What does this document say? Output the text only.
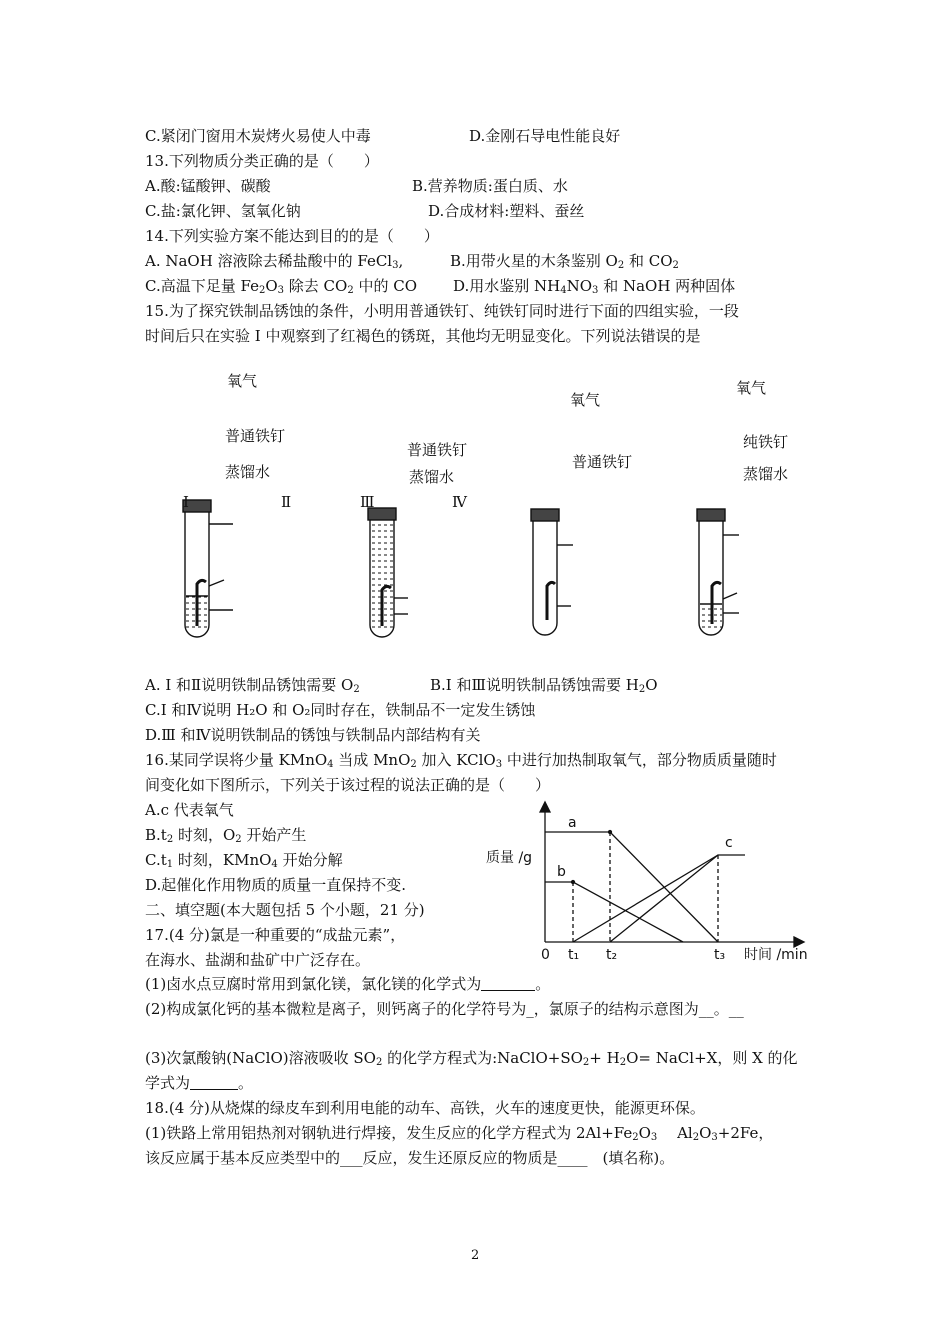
C.紧闭门窗用木炭烤火易使人中毒	D.金刚石导电性能良好
13.下列物质分类正确的是（　　）
A.酸:锰酸钾、碳酸	B.营养物质:蛋白质、水
C.盐:氯化钾、氢氧化钠	D.合成材料:塑料、蚕丝
14.下列实验方案不能达到目的的是（　　）
A. NaOH 溶液除去稀盐酸中的 FeCl$_3$,	B.用带火星的木条鉴别 $O_2$ 和 $CO_2$
C.高温下足量 $Fe_2O_3$ 除去 $CO_2$ 中的 CO D.用水鉴别 $NH_4NO_3$ 和 NaOH 两种固体
15.为了探究铁制品锈蚀的条件，小明用普通铁钉、纯铁钉同时进行下面的四组实验，一段
时间后只在实验 I 中观察到了红褐色的锈斑，其他均无明显变化。下列说法错误的是
氧气
普通铁钉
蒸馏水
普通铁钉
蒸馏水
氧气
普通铁钉
氧气
纯铁钉
蒸馏水
I	Ⅱ	Ⅲ	Ⅳ
A. I 和Ⅱ说明铁制品锈蚀需要 $O_2$	B.I 和Ⅲ说明铁制品锈蚀需要 $H_2O$
C.I 和Ⅳ说明 H₂O 和 O₂同时存在，铁制品不一定发生锈蚀
D.Ⅲ 和Ⅳ说明铁制品的锈蚀与铁制品内部结构有关
16.某同学误将少量 KMnO$_4$ 当成 MnO$_2$ 加入 KClO$_3$ 中进行加热制取氧气，部分物质质量随时
间变化如下图所示，下列关于该过程的说法正确的是（　　）
A.c 代表氧气
$B.t_2$ 时刻，$O_2$ 开始产生
$C.t_1$ 时刻，KMnO$_4$ 开始分解
D.起催化作用物质的质量一直保持不变.
二、填空题(本大题包括 5 个小题，21 分)
17.(4 分)氯是一种重要的“成盐元素”，
在海水、盐湖和盐矿中广泛存在。
质量 /g
时间 /min
0 t₁ t₂	t₃
a
b
c
(1)卤水点豆腐时常用到氯化镁，氯化镁的化学式为	。
(2)构成氯化钙的基本微粒是离子，则钙离子的化学符号为_，氯原子的结构示意图为__。__
(3)次氯酸钠(NaClO)溶液吸收 $SO_2$ 的化学方程式为$:NaClO+SO_2+ H_2O=$ NaCl+X，则 X 的化
学式为	。
18.(4 分)从烧煤的绿皮车到利用电能的动车、高铁，火车的速度更快，能源更环保。
(1)铁路上常用铝热剂对钢轨进行焊接，发生反应的化学方程式为 $2Al+Fe_2O_3$　 $Al_2O_3+2Fe$，
该反应属于基本反应类型中的___反应，发生还原反应的物质是____　(填名称)。
2
